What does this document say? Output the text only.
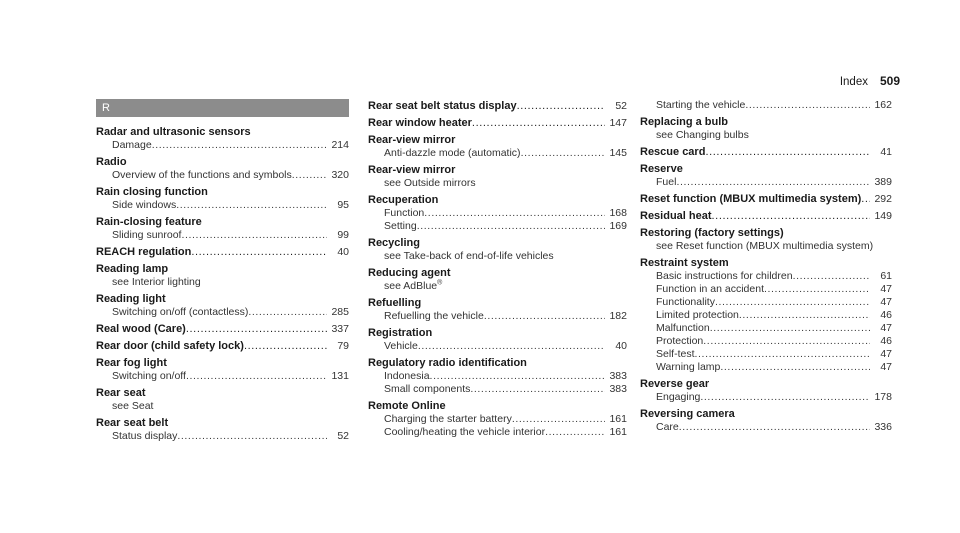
Index 509
R
Radar and ultrasonic sensors
Damage .....	214
Radio
Overview of the functions and symbols .....	320
Rain closing function
Side windows .....	95
Rain-closing feature
Sliding sunroof .....	99
REACH regulation .....	40
Reading lamp
see Interior lighting
Reading light
Switching on/off (contactless) .....	285
Real wood (Care) .....	337
Rear door (child safety lock) .....	79
Rear fog light
Switching on/off .....	131
Rear seat
see Seat
Rear seat belt
Status display .....	52
Rear seat belt status display .....	52
Rear window heater .....	147
Rear-view mirror
Anti-dazzle mode (automatic) .....	145
Rear-view mirror
see Outside mirrors
Recuperation
Function .....	168
Setting .....	169
Recycling
see Take-back of end-of-life vehicles
Reducing agent
see AdBlue®
Refuelling
Refuelling the vehicle .....	182
Registration
Vehicle .....	40
Regulatory radio identification
Indonesia .....	383
Small components .....	383
Remote Online
Charging the starter battery .....	161
Cooling/heating the vehicle interior .....	161
Starting the vehicle .....	162
Replacing a bulb
see Changing bulbs
Rescue card .....	41
Reserve
Fuel .....	389
Reset function (MBUX multimedia system) .....	292
Residual heat .....	149
Restoring (factory settings)
see Reset function (MBUX multimedia system)
Restraint system
Basic instructions for children .....	61
Function in an accident .....	47
Functionality .....	47
Limited protection .....	46
Malfunction .....	47
Protection .....	46
Self-test .....	47
Warning lamp .....	47
Reverse gear
Engaging .....	178
Reversing camera
Care .....	336
